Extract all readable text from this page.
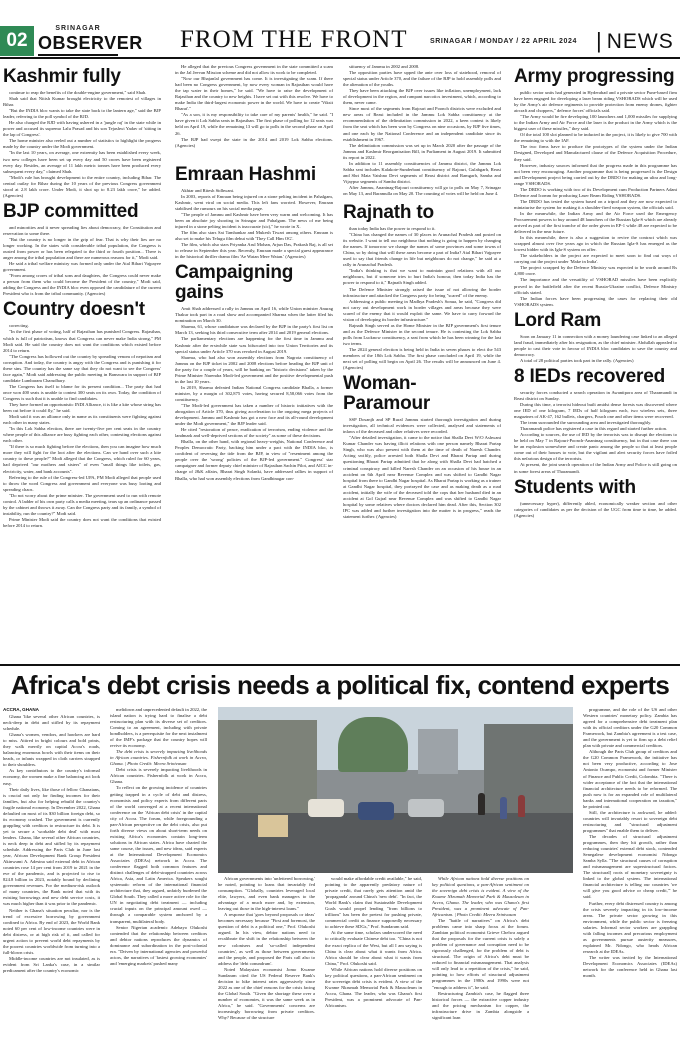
02
SRINAGAR
OBSERVER FROM THE FRONT	SRINAGAR / MONDAY / 22 APRIL 2024 | NEWS
Kashmir fully

continue to reap the benefits of the double-engine government," said Shah.

Shah said that Nitish Kumar brought electricity to the remotest of villages in Bihar.

"But the INDIA bloc wants to take the state back to the lantern age," said the BJP leader, referring to the poll symbol of the RJD.

He also charged the RJD with having ushered in a 'jungle raj' in the state while in power and accused its supremo Lalu Prasad and his son Tejashwi Yadav of 'sitting in the lap of Congress'.

The home minister also reeled out a number of statistics to highlight the progress made by the country under the Modi government.

"In the last 10 years, on average, one extremity has been established every week, two new colleges have been set up every day and 50 crores have been registered every day. Besides, an average of 11 lakh metric tonnes have been produced every subsequent every day," claimed Shah.

"Modi's rule has brought development to the entire country, including Bihar. The central outlay for Bihar during the 10 years of the previous Congress government stood at 2.8 lakh crore. Under Modi, it shot up to 8.23 lakh crore," he added. (Agencies)

BJP committed

and minorities and it never spreading lies about democracy, the Constitution and reservation to some there.

"But the country is no longer in the grip of fear. That is why their lies are no longer working. In the states with considerable tribal population, the Congress is ousted from power or has been relegated to the third or fourth position... There is anger among the tribal population and there are numerous reasons for it," Modi said.

He said a tribal welfare ministry was formed only under the Atal Bihari Vajpayee government.

"From among crores of tribal sons and daughters, the Congress could never make a person from them who could become the President of the country," Modi said, adding the Congress and the INDIA bloc even opposed the candidature of the current President who is from the tribal community. (Agencies)

Country doesn't

correcting.

"In the first phase of voting, half of Rajasthan has punished Congress. Rajasthan, which is full of patriotism, knows that Congress can never make India strong," PM Modi said. He said the country does not want the conditions which existed before 2014 to return.

"The Congress has hollowed out the country by spreading venom of nepotism and corruption. And today, the country is angry with the Congress and is punishing it for these sins. The country has the same say that they do not want to see the Congress' face again," Modi said addressing the public meeting in Banswara in support of BJP candidate Lumbaram Charudhary.

The Congress has itself to blame for its present condition... The party that had once won 400 seats is unable to contest 300 seats on its own. Today, the condition of Congress is such that it is unable to find candidates.

They have formed an opportunistic INDI Alliance, it is like a kite whose string has been cut before it could fly," he said.

Modi said it was an alliance only in name as its constituents were fighting against each other in many states.

"In this Lok Sabha election, there are twenty-five per cent seats in the country where people of this alliance are busy fighting each other, contesting elections against each other.

"If there is so much fighting before the elections, then you can imagine how much more they will fight for the loot after the elections. Can we hand over such a kite country to these people?" Modi alleged that the Congress, which ruled for 60 years, had deprived "our mothers and sisters" of even "small things like toilets, gas, electricity, water, and bank accounts".

Referring to the rule of the Congress-led UPA, PM Modi alleged that people used to throw the word Congress and government and everyone was busy looting and spreading chaos.

"Do not worry about the prime minister. The government used to run with remote control. A ladder of his own party calls a media meeting, tears up an ordinance passed by the cabinet and throws it away. Can the Congress party and its family, a symbol of instability, run the country?" Modi said.

Prime Minister Modi said the country does not want the conditions that existed before 2014 to return.

He alleged that the previous Congress government in the state committed a scam in the Jal Jeevan Mission scheme and did not allow its work to be completed.

"Now our Bhajanlal government has come. It is investigating the scam. If there had been no Congress government, by now every woman in Rajasthan would have the tap water in their homes," he said. "We have to raise the development of Rajasthan and the country to new heights. I have set out with this resolve. We have to make India the third-largest economic power in the world. We have to create 'Viksit Bharat'."

"As a son, it is my responsibility to take care of my parents' health," he said. "I have given it Lok Sabha seats in Rajasthan. The first phase of polling for 12 seats was held on April 19, while the remaining 13 will go to polls in the second phase on April 26.

The BJP had swept the state in the 2014 and 2019 Lok Sabha elections. (Agencies)

Emraan Hashmi

Akhtar and Ritesh Sidhwani.

In 2003, reports of Emraan being injured on a stone pelting incident in Pahalgam, Kashmir, went viral on social media. This left fans worried. However, Emraan stabilised the rumours on his social media page.

"The people of Jammu and Kashmir have been very warm and welcoming. It has been an absolute joy shooting in Srinagar and Pahalgam. The news of me being injured in a stone pelting incident is inaccurate (sic)," he wrote in X.

The film also stars Sai Tamhankar and Mukesh Tiwari among others. Emraan is also set to make his Telugu film debut with 'They Call Him OG'.

The film, which also stars Priyanka Arul Mohan, Arjun Das, Prakash Raj, is all set to release in September this year. Recently, Emraan made a special guest appearance in the historical thriller drama film 'Ae Watan Mere Watan.' (Agencies)

Campaigning gains

Amit Shah addressed a rally in Jammu on April 16, while Union minister Anurag Thakur took part in a road show and accompanied Sharma when the latter filed his nomination on March 30.

Sharma, 61, whose candidature was declared by the BJP in the party's first list on March 13, seeking his third consecutive term after 2014 and 2019 general elections.

The parliamentary elections are happening for the first time in Jammu and Kashmir after the erstwhile state was bifurcated into two Union Territories and its special status under Article 370 was revoked in August 2019.

Sharma, who had also won assembly elections from Nagrota constituency of Jammu on the BJP ticket in 2002 and 2008 elections before heading the BJP unit of the party for a couple of years, will be banking on "historic decisions" taken by the Prime Minister Narendra Modi-led government and the positive developmental push in the last 10 years.

In 2019, Sharma defeated Indian National Congress candidate Bhalla, a former minister, by a margin of 302,875 votes, having secured 8,58,066 votes from the constituency.

"The Modi-led government has taken a number of historic initiatives with the abrogation of Article 370, thus giving acceleration to the ongoing mega projects of development. Jammu and Kashmir has got a new face and its all-round development under the Modi government," the BJP leader said.

He cited "restoration of peace, eradication of terrorism, ending violence and the landmark and well-deprived sections of the society" as some of these decisions.

Bhalla, on the other hand, with regional heavy-weights, National Conference and Peoples Democratic Party, backing him under a pact with the INDIA bloc, is confident of reversing the tide from the BJP, in view of "resentment among the people over the 'wrong' policies of the BJP-led government." Congress' star campaigner and former deputy chief minister of Rajasthan Sachin Pilot, and AICC in-charge of J&K affairs, Bharat Singh Solanki, have addressed rallies in support of Bhalla, who had won assembly elections from Gandhinagar con-

stituency of Jammu in 2002 and 2008.

The opposition parties have upped the ante over loss of statehood, removal of special status under Article 370, and the failure of the BJP to hold assembly polls and the alienation of the youths.

They have been attacking the BJP over issues like inflation, unemployment, lack of development in the region, and rampant narcotics investment, which, according to them, never came.

Since most of the segments from Rajouri and Poonch districts were excluded and new areas of Reasi included in the Jammu Lok Sabha constituency at the recommendation of the delimitation commission in 2022, a keen contest is likely from the seat which has been won by Congress on nine occasions, by BJP five times, and one each by the National Conference and an independent candidate since its establishment in 1967.

The delimitation commission was set up in March 2020 after the passage of the Jammu and Kashmir Reorganisation Bill, in Parliament in August 2019. It submitted its report in 2022.

In addition to 11 assembly constituencies of Jammu district, the Jammu Lok Sabha seat includes Kalakote-Sunderbani constituency of Rajouri, Gulabgarh, Reasi and Shri Mata Vaishno Devi segments of Reasi district and Ramgarh, Samba and Vijaypur segments of Samba district.

After Jammu, Anantnag-Rajouri constituency will go to polls on May 7, Srinagar on May 13, and Baramulla on May 20. The counting of votes will be held on June 4.

Rajnath to

than today India has the power to respond to it.

"China has changed the names of 30 places in Arunachal Pradesh and posted on its website. I want to tell our neighbour that nothing is going to happen by changing the names. If tomorrow we change the names of some provinces and some towns of China, so by doing that will these areas become a part of India? Atal Bihari Vajpayee used to say that friends change in life but neighbours do not change," he said at a rally in Arunachal Pradesh.

"India's thinking is that we want to maintain good relations with all our neighbours, but if someone tries to hurt India's honour, then today India has the power to respond to it," Rajnath Singh added.

The Defence Minister strongly raised the issue of not allowing the border infrastructure and attacked the Congress party for being "scared" of the enemy.

Addressing a public meeting in Madhya Pradesh's Sonua, he said, "Congress did not carry out development work in border villages and areas because they were scared of the enemy that it would exploit the same. We have to carry forward the vision of developing its border infrastructure."

Rajnath Singh served as the Home Minister in the BJP government's first tenure and as the Defence Minister in the second tenure. He is contesting the Lok Sabha polls from Lucknow constituency, a seat from which he has been winning for the last two terms.

The 2024 general election is being held in India in seven phases to elect the 543 members of the 18th Lok Sabha. The first phase concluded on April 19, while the next set of polling will begin on April 26. The results will be announced on June 4. (Agencies)

Woman-Paramour

SSP Dosanjh and SP Rural Jammu started thorough investigation and during investigation, all technical evidences were collected, analysed and statements of inlaws of the deceased and other relatives were recorded.

"After detailed investigation, it came to the notice that Shalla Devi W/O Ashwani Kumar Chander was having illicit relations with one person namely Bharat Partap Singh, who was also present with them at the time of death of Naresh Chander. Acting swiftly, police arrested both Shalla Devi and Bharat Partap and during questioning Bharat Partap admitted that he along with Shalla Devi had hatched a criminal conspiracy and killed Naresh Chander on an occasion of his house in an accident on 6th April near Revenue Complex and was shifted to Gandhi Nagar hospital from there to Gandhi Nagar hospital. As Bharat Partap is working as a trainer at Gandhi Nagar hospital, they portrayed the case and as making death as a road accident, initially the wife of the deceased told the cops that her husband died in an accident at Gol Gujral near Revenue Complex and was shifted to Gandhi Nagar hospital by some relatives where doctors declared him dead. After this, Section 302 IPC was added and further investigation into the matter is in progress," reads the statement further. (Agencies)

Army progressing

public sector units had generated in Hyderabad and a private sector Pune-based firm have been engaged for developing a laser beam riding VSHORADS which will be used by the Army's air defence regiments to provide protection from enemy drones, fighter aircraft and choppers," defence forces' officials said.

"The Army would be fire developing 100 launchers and 1,000 missiles for supplying to the Indian Army and Air Force and the laser is the product in the Army which is the biggest user of these missiles," they said.

Of the total 100 slot planned to be inducted in the project, it is likely to give 700 with the remaining to with the IAF.

The two firms have to produce the prototypes of the system under the Indian Designed, Developed and Manufactured clause of the Defence Acquisition Procedure, they said.

However, industry sources informed that the progress made in this programme has not been very encouraging. Another programme that is being progressed is the Design and Development project being carried out by the DRDO for making an ultra and long-range VSHORADS.

The DRDO is working with two of its Development cum Production Partners Adani Defence and Icomm for producing Laser Beam Riding VSHORADS.

The DRDO has tested the system based on a tripod and they are now expected to miniaturise the system for making it a shoulder-fired weapon system, the officials said.

In the meanwhile, the Indian Army and the Air Force used the Emergency Procurement powers to buy around 48 launchers of the Russian Igla-S which are already arrived as part of the first tranche of the order given in EP-1 while 48 are expected to be delivered in the near future.

In this meanwhile, there is also a suggestion to revive the contract which was scrapped almost over five years ago in which the Russian Igla-S has emerged as the lowest bidder with its Igla-S system on offer.

The stakeholders in the project are expected to meet soon to find out ways of carrying out the project under 'Make in India'.

The project scrapped by the Defence Ministry was expected to be worth around Rs 4,800 crore.

The importance and the versatility of VSHORAD missiles have been explicitly proved in the battlefield after the recent Russia-Ukraine conflict, Defence Ministry officials stated.

The Indian forces have been progressing the cases for replacing their old VSHORADS system.

Lord Ram

Soon on January 11 in connection with a money laundering case linked to an alleged land fraud, immediately after his resignation, as the chief minister. Abdullah appealed to people to cast their vote in favour of INDIA bloc candidates to save the country and democracy.

A total of 28 political parties took part in the rally. (Agencies)

8 IEDs recovered

security forces conducted a search operation in Awantipora area of Tharamandi in Reasi district on Sunday.

During this time, a terrorist hideout built amidst dense forests was discovered where one IED of one kilogram, 7 IEDs of half kilogram each, two wireless sets, three magazines of AK-47, 162 bullets, chargers, Pouch one and other items were recovered.

The team surrounded the surrounding area and investigated thoroughly.

Tharamandi police has registered a case in this regard and started further action.

According to sources, the use of IED by the terrorists was to disrupt the elections to be held on May 7 in Rajouri-Poonch-Anantnag constituency, but in that case there can be an explosion somewhere and create panic among the people so that at least people come out of their houses to vote, but the vigilant and alert security forces have foiled this nefarious design of the terrorists.

At present, the joint search operation of the Indian Army and Police is still going on in some forest areas of Tharamandi.

Students with

(unnecessary hyper), differently abled, economically weaker section and other categories of candidates as per the decision of the UGC from time to time, he added. (Agencies)

Africa's debt crisis needs a political fix, contend experts
ACCRA, GHANA

Ghana 'like several other African countries, is neck-deep in debt and stifled by its repayment schedule.

Ghana's women, vendors, and hawkers are hard to miss. Attired in bright colours and bold prints, they walk merrily on capital Accra's roads, balancing enormous bowls with their items on their heads, or infants wrapped in cloth carriers strapped to their shoulders.

As key contributors to the country's informal economy, the women make a fine balancing act look easy.

Their daily lives, like those of fellow Ghanaians, is crucial not only for finding incomes for their families, but also for helping rebuild the country's fragile national economy. In December 2022, Ghana defaulted on most of its $30 billion foreign debt, so its economy crashed. The government is currently grappling with creditors to restructure its debt. It is yet to secure a 'workable debt deal' with most lenders. Ghana, like several other African countries, is neck deep in debt and stifled by its repayment schedule. Addressing the Paris Club in June last year, African Development Bank Group President Akinwumi A. Adesina said external debt in African countries rose 14 per cent from 2019 to 2021 in the eve of the pandemic, and is projected to rise to 824.8 billion in 2023, notably bound by declining government revenues. For the medium-risk outlook of many countries, the Bank noted that with its existing borrowings and new debt service costs, it was much higher than it was prior to the pandemic.

Neither is Ghana's situation peculiar, nor is the trend of excessive borrowing by government confined to Africa. By end of 2023, the World Bank noted 60 per cent of low-income countries were in debt distress, or at high risk of it, and called for urgent action to prevent world debt repayments by the poorest countries worldwide from turning into a full-blown crisis.

Middle-income countries are not insulated, as is evident from Sri Lanka's case, in a similar predicament after the country's economic

meltdown and unprecedented default in 2022, the island nation is trying hard to finalise a debt restructuring plan with its diverse set of creditors. Coming to an agreement, including with private bondholders, is a prerequisite for the next instalment of the IMF's package that the country hopes will revive its economy.

The debt crisis is severely impacting livelihoods in African countries. Fishernfolk at work in Accra, Ghana. | Photo Credit: Meera Srinivasan

Debt crisis is severely impacting livelihoods in African countries. Fishernfolk at work in Accra, Ghana.

To reflect on the growing incidence of countries getting trapped in a cycle of debt and distress, economists and policy experts from different parts of the world converged at a recent international conference on the 'African debt crisis' in the capital city of Accra. The forum, while foregrounding a pan-African perspective on the debt crisis, also put forth diverse views on about short-term needs on existing Africa's economies contain long-term solutions in African states. Africa have charted the same course, the issues, and new ideas, said experts at the International Development Economics Associates (IDEAs) network in Accra. The conference flagged both common features and distinct challenges of debt-strapped countries across Africa, Asia, and Latin America. Speakers sought systematic reform of the international financial architecture that, they argued, unfairly burdened the Global South. They called a more active role for the UN in negotiating debt treatment — including crucial inputs on the principal amount owed — through a comparable system anchored by a transparent, multilateral body.

Senior Nigerian academic Adebayo Olukoshi contended that the relationship between creditors and debtor nations reproduces the dynamics of dominance and subordination in the post-colonial era. "Driven by international agencies and powerful actors, the narratives of 'fastest growing economies' and 'emerging markets' pushed many

African governments into 'unfettered borrowing,' he noted, pointing to loans that invariably fed consumption. "Globally, countries leveraged local elite, lawyers, and even bank managers to the advantage of a much more and, by extension, leaving out those in the high-interest loans."

A response that 'goes beyond proposals or ideas' becomes necessary because "First and foremost, the question of debt is a political one," Prof. Olukoshi argued. In his view, debtor nations need to recalibrate the shift in the relationship between the new colonisers and 'so-called independent countries', as well as those between governments and the people, and proposed the Paris call also to address the 'debt conundrum'.

Noted Malaysian economist Jomo Kwame Sundaram cited the US Federal Reserve Bank's decision to hike interest rates aggressively since 2022 as one of the chief reasons for the crisis facing the Global South. "Given the shortage these over a number of economies, it was the same week as in Africa," he said. "Governments' concerns are increasingly borrowing from private creditors. Why? Because of the structure

would make affordable credit available," he said, pointing to the apparently predatory nature of private credit, that rarely gets attention amid the 'propaganda' around China's 'new debt'. "In fact, the World Bank's claim that Sustainable Development Goals would propel lending "from billions to trillions" has been the pretext for pushing private, commercial credit as finance supposedly necessary to achieve these SDGs," Prof. Sundaram said.

At the same time, scholars underscored the need to critically evaluate Chinese debt too. "China is not the exact replica of the West, but all I am saying is China is clear about what it wants from Africa. Africa should be clear about what it wants from China," Prof. Olukoshi said.

While African nations hold diverse positions on key political questions, a pan-African sentiment on the sovereign debt crisis is evident. A view of the Kwame Nkrumah Memorial Park & Mausoleum in Accra, Ghana. The leader, who was Ghana's first President, was a prominent advocate of Pan-Africanism.

While African nations hold diverse positions on key political questions, a pan-African sentiment on the sovereign debt crisis is evident. A view of the Kwame Nkrumah Memorial Park & Mausoleum in Accra, Ghana. The leader, who was Ghana's first President, was a prominent advocate of Pan-Africanism. | Photo Credit: Meera Srinivasan

The "battle of narratives" on Africa's debt problems came into sharp focus at the forum. Zambian political economist Grieve Chelwa argued that the proposals for the current crisis is solely a problem of governance and corruption need to be rigorously challenged, for the problem of debt is structural. The origin of Africa's debt must be reduced to financial mismanagement. That analysis will only lead to a repetition of the crisis," he said, pointing to how efforts of structural adjustment programmes in the 1980s and 1990s were not "enough to address it", he said.

Restructuring Zambia's case, he flagged three historical forces — the extractive copper industry and the pricing mechanism for copper, the infrastructure drive in Zambia alongside a significant loan

programme, and the role of the US and other Western countries' monetary policy. Zambia has agreed for a comprehensive debt treatment plan with its official creditors under the G20 Common Framework, but Zambia's agreement is a test case, and the government is yet to firm up a debt relief plan with private and commercial creditors.

Although the Paris Club group of creditors and the G20 Common Framework, the initiative has not been very productive, according to Jose Antonio Ocampo, economist and former Minister of Finance and Public Credit, Colombia. "There is wider acceptance of the fact that the international financial architecture needs to be reformed. The push now is for an expanded role of multilateral banks and international cooperation on taxation," he pointed out.

Still, the architecture is awkward, he added: countries will invariably resort to sovereign debt restructuring and "structural adjustment programmes" that enable them to deliver.

The decades of structural adjustment programmes, then they hit growth, rather than reducing countries' external debt stock, contended Senegalese development economist Ndongo Samba Sylla. "The structural causes of corruption and mismanagement are superstructural factors. The structural] roots of monetary sovereignty is linked to the global system. The international financial architecture is telling our countries 'we will give you good advice or cheap credit,'" he said.

Further, every debt distressed country is among the crisis severely impacting in its low-income areas. The private sector growing in this environment, while the public sector is freezing salaries. Informal sector workers are grappling with falling incomes and precarious employment as governments pursue austerity measures, explained Mr. Ndongo, who heads African research at the IDEAs.

The writer was invited by the International Development Economics Associates (IDEAs) network for the conference held in Ghana last month.
